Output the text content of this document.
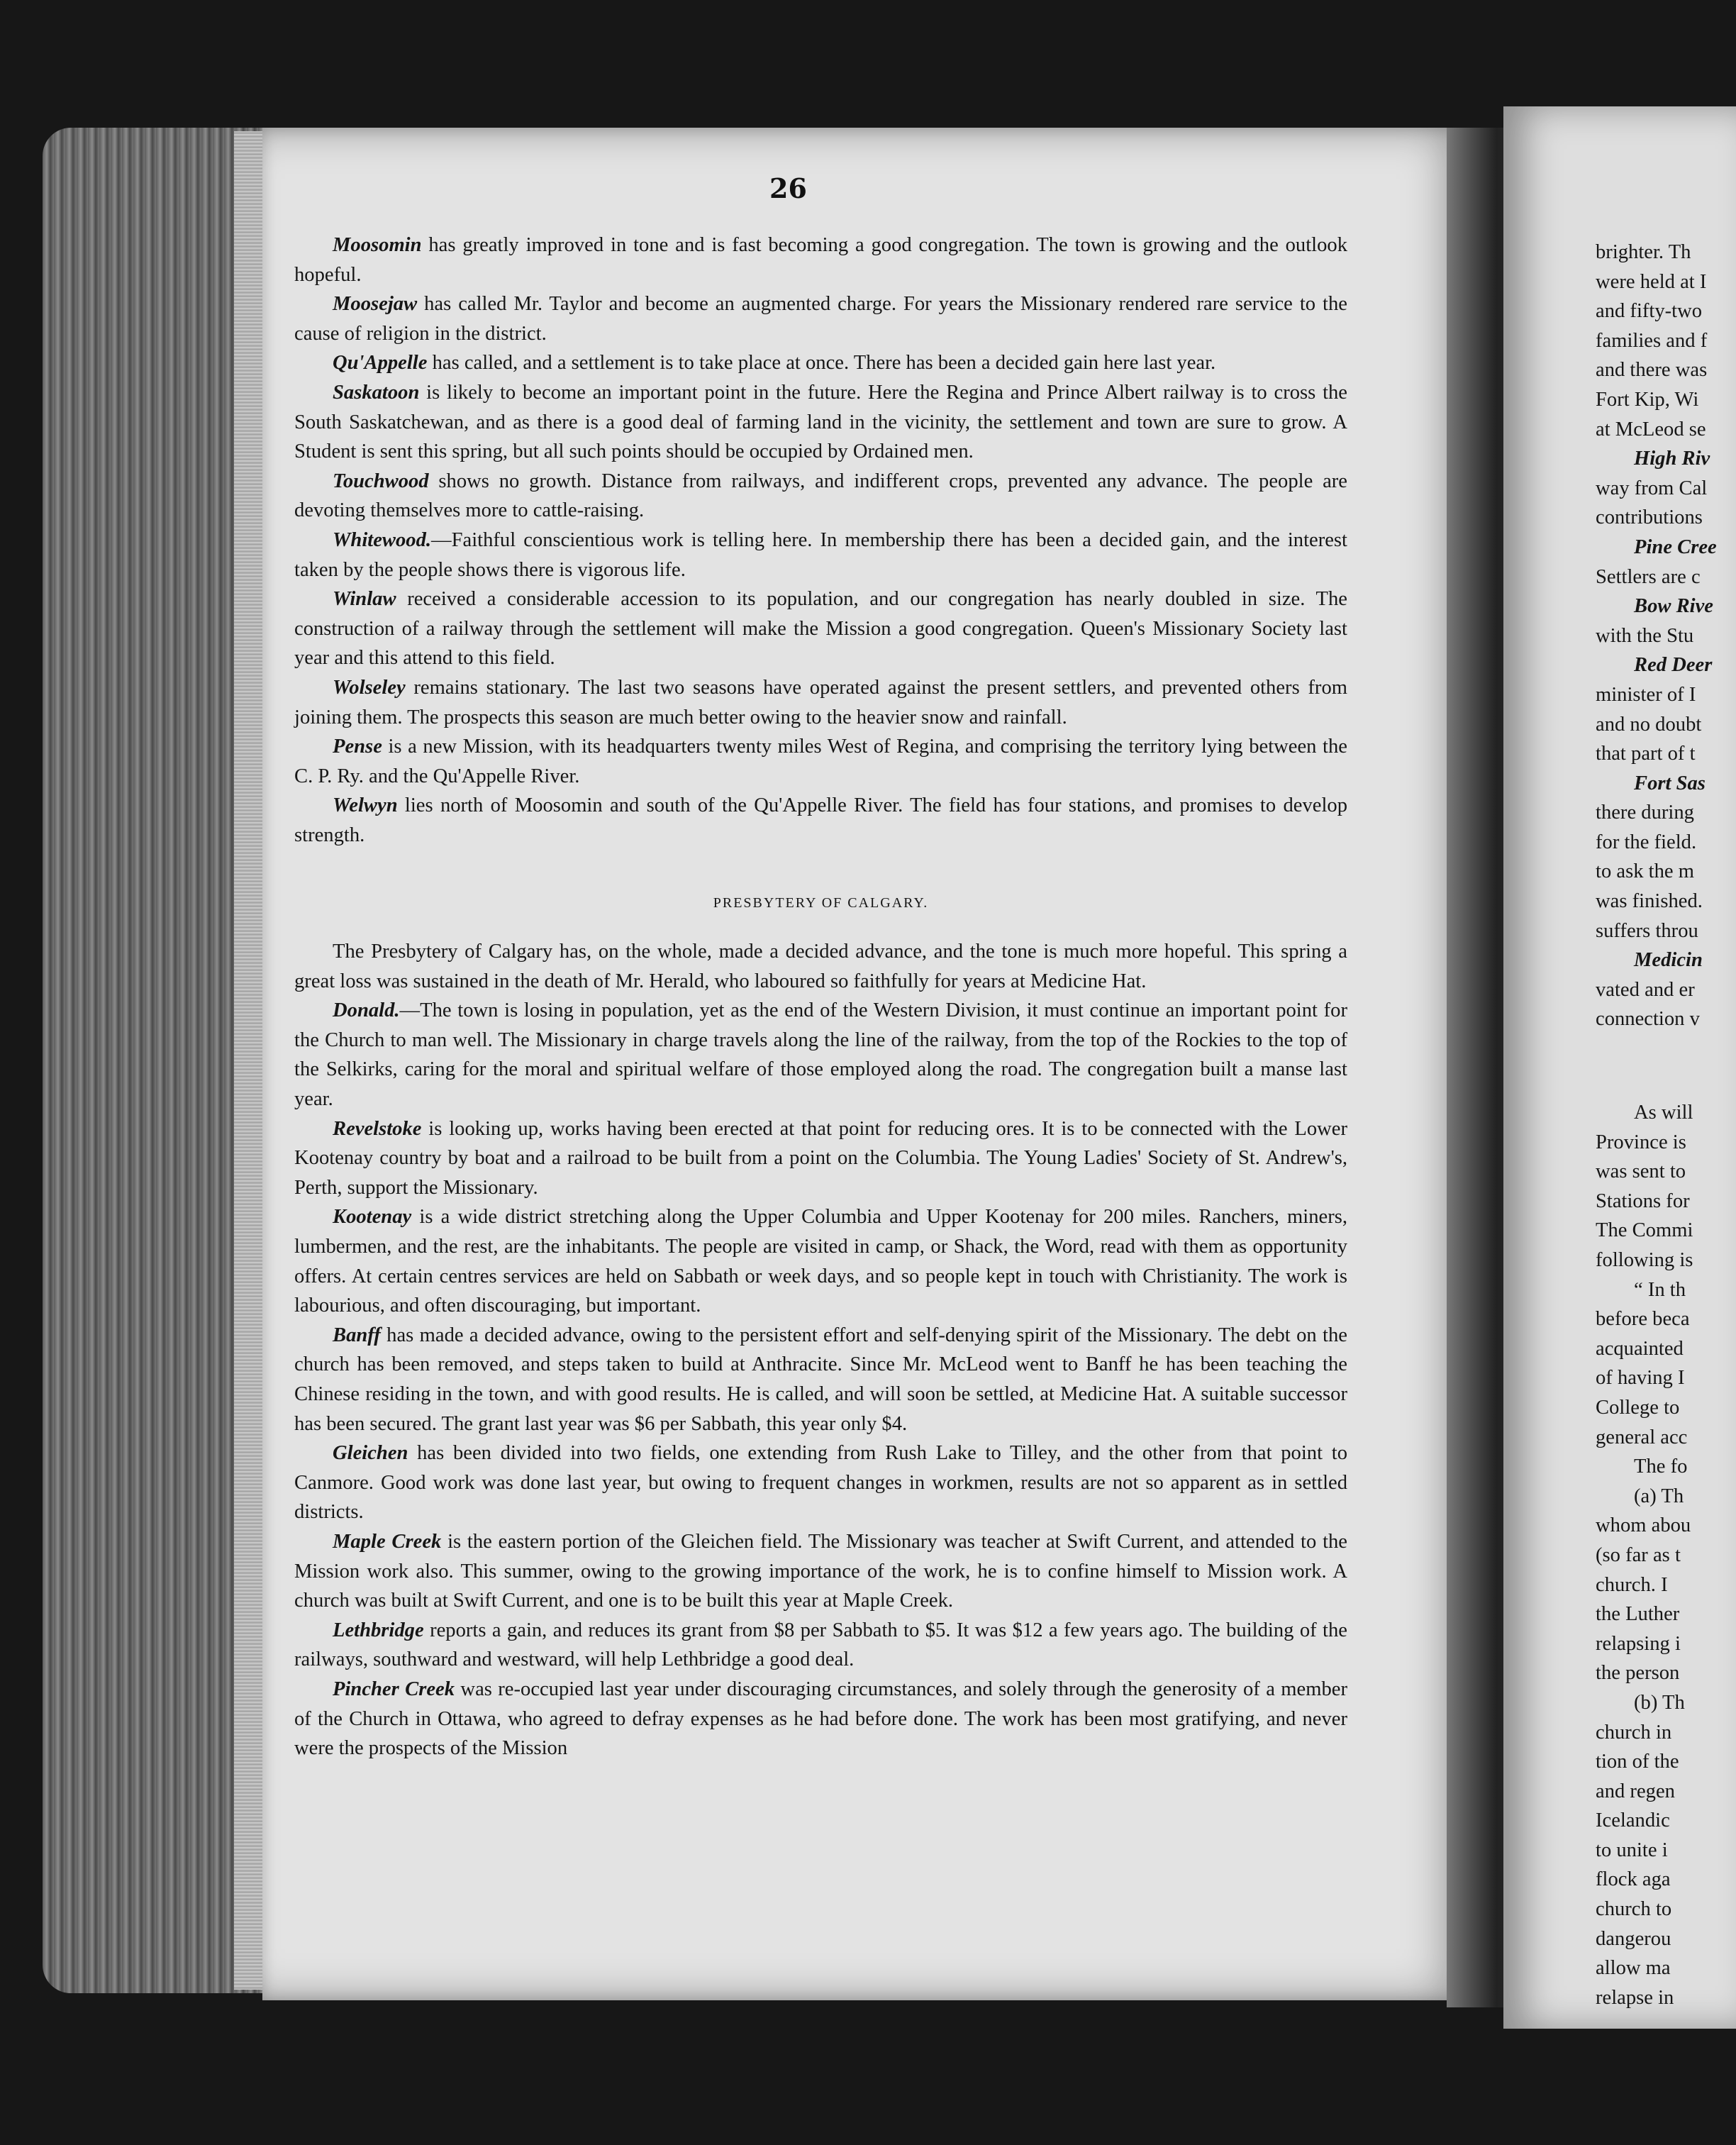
26

Moosomin has greatly improved in tone and is fast becoming a good congregation. The town is growing and the outlook hopeful.

Moosejaw has called Mr. Taylor and become an augmented charge. For years the Missionary rendered rare service to the cause of religion in the district.

Qu'Appelle has called, and a settlement is to take place at once. There has been a decided gain here last year.

Saskatoon is likely to become an important point in the future. Here the Regina and Prince Albert railway is to cross the South Saskatchewan, and as there is a good deal of farming land in the vicinity, the settlement and town are sure to grow. A Student is sent this spring, but all such points should be occupied by Ordained men.

Touchwood shows no growth. Distance from railways, and indifferent crops, prevented any advance. The people are devoting themselves more to cattle-raising.

Whitewood.—Faithful conscientious work is telling here. In membership there has been a decided gain, and the interest taken by the people shows there is vigorous life.

Winlaw received a considerable accession to its population, and our congregation has nearly doubled in size. The construction of a railway through the settlement will make the Mission a good congregation. Queen's Missionary Society last year and this attend to this field.

Wolseley remains stationary. The last two seasons have operated against the present settlers, and prevented others from joining them. The prospects this season are much better owing to the heavier snow and rainfall.

Pense is a new Mission, with its headquarters twenty miles West of Regina, and comprising the territory lying between the C. P. Ry. and the Qu'Appelle River.

Welwyn lies north of Moosomin and south of the Qu'Appelle River. The field has four stations, and promises to develop strength.

PRESBYTERY OF CALGARY.

The Presbytery of Calgary has, on the whole, made a decided advance, and the tone is much more hopeful. This spring a great loss was sustained in the death of Mr. Herald, who laboured so faithfully for years at Medicine Hat.

Donald.—The town is losing in population, yet as the end of the Western Division, it must continue an important point for the Church to man well. The Missionary in charge travels along the line of the railway, from the top of the Rockies to the top of the Selkirks, caring for the moral and spiritual welfare of those employed along the road. The congregation built a manse last year.

Revelstoke is looking up, works having been erected at that point for reducing ores. It is to be connected with the Lower Kootenay country by boat and a railroad to be built from a point on the Columbia. The Young Ladies' Society of St. Andrew's, Perth, support the Missionary.

Kootenay is a wide district stretching along the Upper Columbia and Upper Kootenay for 200 miles. Ranchers, miners, lumbermen, and the rest, are the inhabitants. The people are visited in camp, or Shack, the Word, read with them as opportunity offers. At certain centres services are held on Sabbath or week days, and so people kept in touch with Christianity. The work is labourious, and often discouraging, but important.

Banff has made a decided advance, owing to the persistent effort and self-denying spirit of the Missionary. The debt on the church has been removed, and steps taken to build at Anthracite. Since Mr. McLeod went to Banff he has been teaching the Chinese residing in the town, and with good results. He is called, and will soon be settled, at Medicine Hat. A suitable successor has been secured. The grant last year was $6 per Sabbath, this year only $4.

Gleichen has been divided into two fields, one extending from Rush Lake to Tilley, and the other from that point to Canmore. Good work was done last year, but owing to frequent changes in workmen, results are not so apparent as in settled districts.

Maple Creek is the eastern portion of the Gleichen field. The Missionary was teacher at Swift Current, and attended to the Mission work also. This summer, owing to the growing importance of the work, he is to confine himself to Mission work. A church was built at Swift Current, and one is to be built this year at Maple Creek.

Lethbridge reports a gain, and reduces its grant from $8 per Sabbath to $5. It was $12 a few years ago. The building of the railways, southward and westward, will help Lethbridge a good deal.

Pincher Creek was re-occupied last year under discouraging circumstances, and solely through the generosity of a member of the Church in Ottawa, who agreed to defray expenses as he had before done. The work has been most gratifying, and never were the prospects of the Mission

brighter. Th
were held at I
and fifty-two
families and f
and there was
Fort Kip, Wi
at McLeod se
High Riv
way from Cal
contributions
Pine Cree
Settlers are c
Bow Rive
with the Stu
Red Deer
minister of I
and no doubt
that part of t
Fort Sas
there during
for the field.
to ask the m
was finished.
suffers throu
Medicin
vated and er
connection v
As will
Province is
was sent to
Stations for
The Commi
following is
“ In th
before beca
acquainted
of having I
College to
general acc
The fo
(a) Th
whom abou
(so far as t
church. I
the Luther
relapsing i
the person
(b) Th
church in
tion of the
and regen
Icelandic
to unite i
flock aga
church to
dangerou
allow ma
relapse in
